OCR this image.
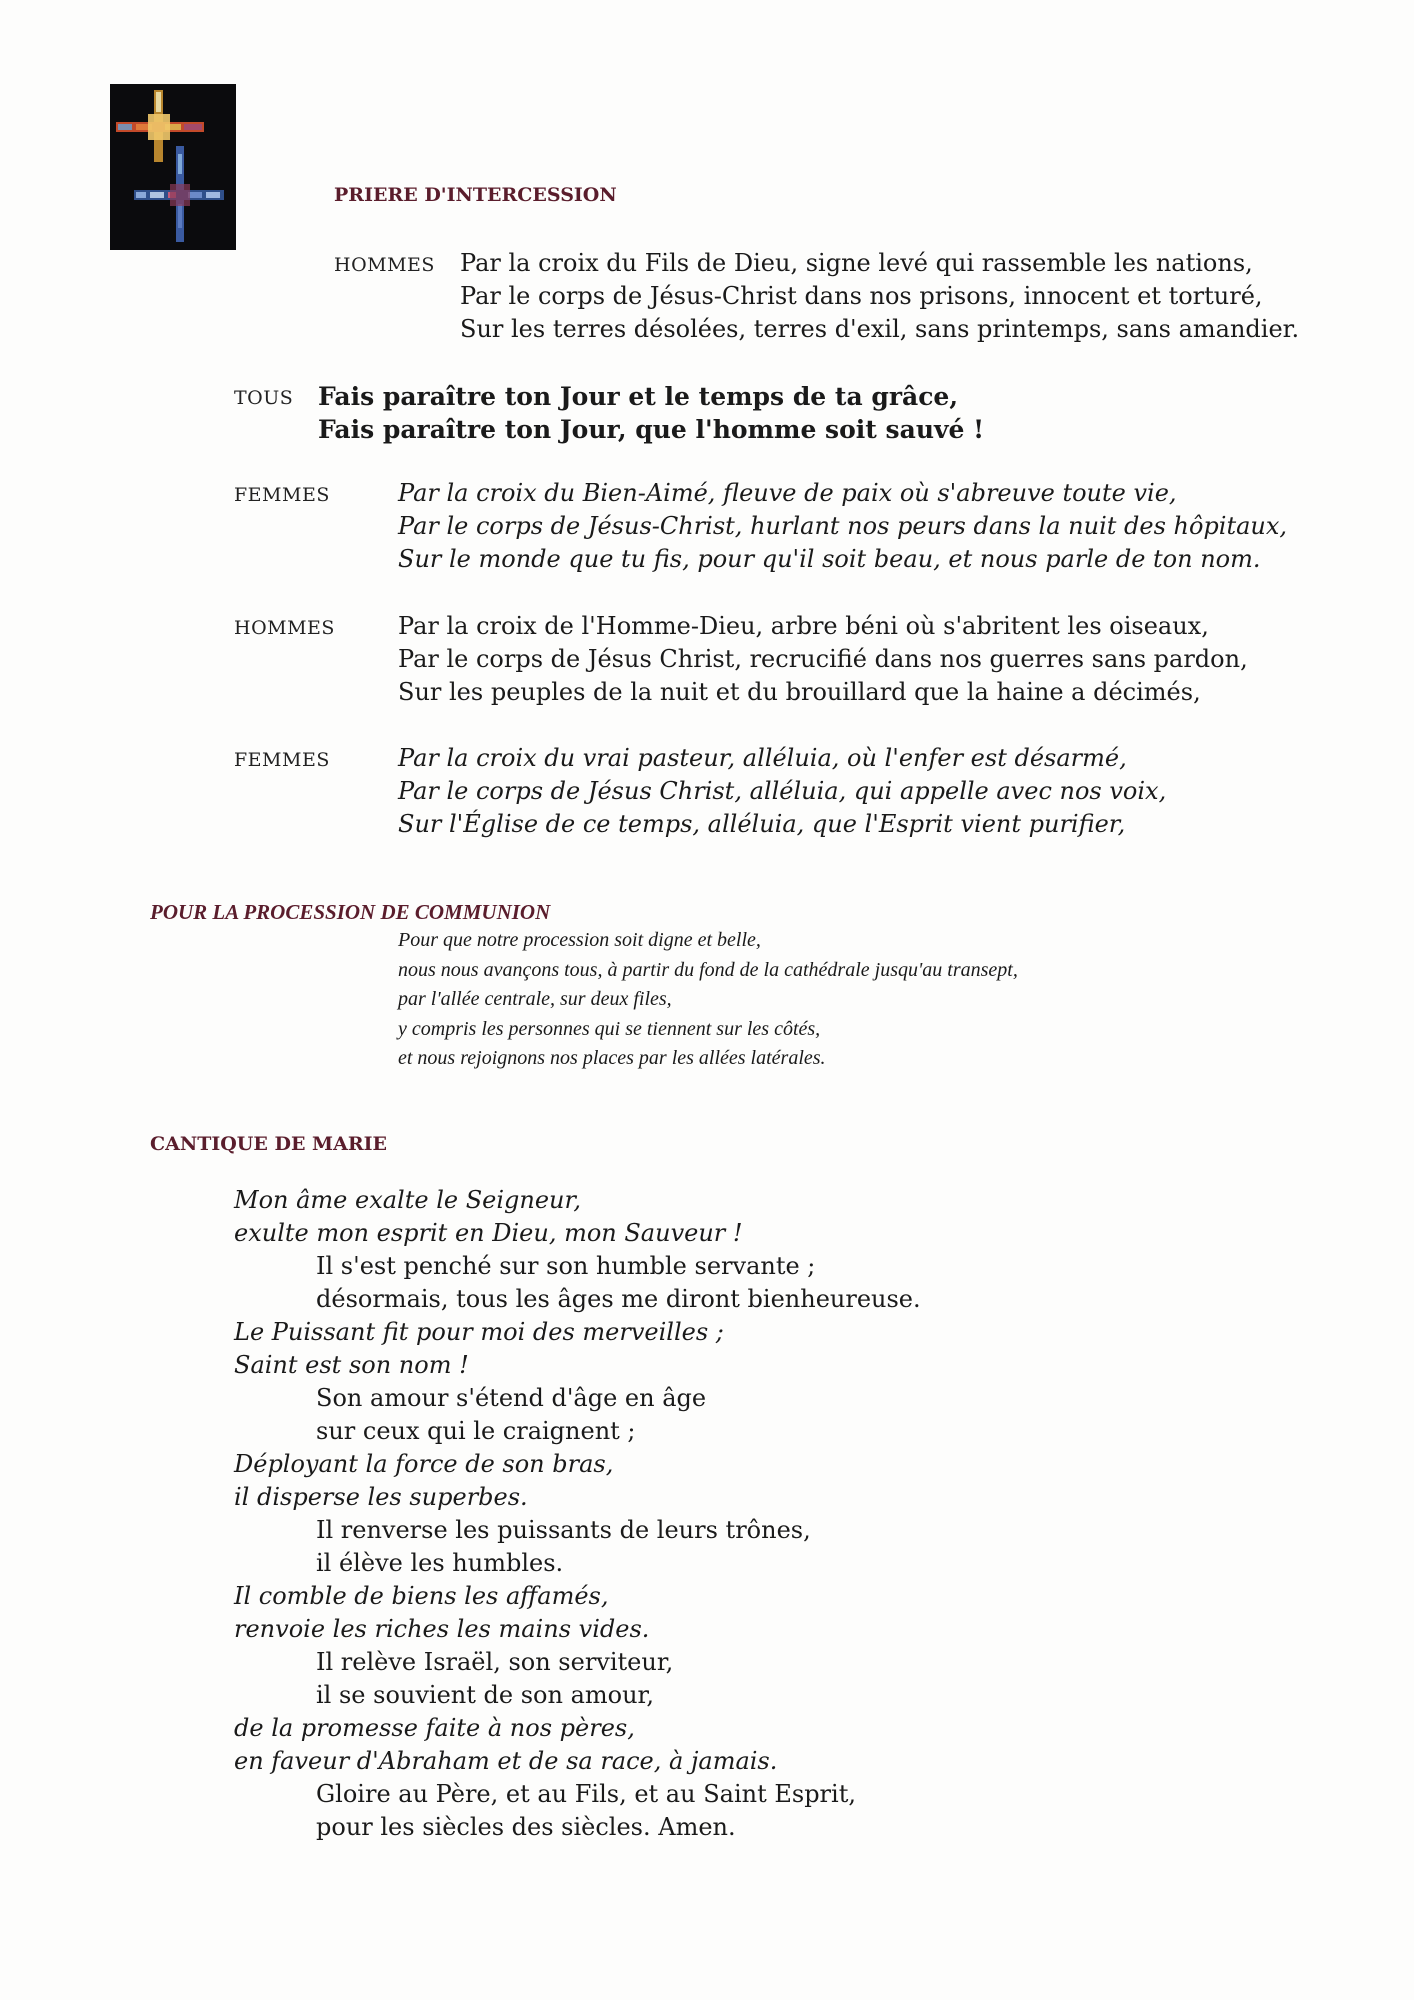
PRIERE D'INTERCESSION
HOMMES Par la croix du Fils de Dieu, signe levé qui rassemble les nations,
Par le corps de Jésus-Christ dans nos prisons, innocent et torturé,
Sur les terres désolées, terres d'exil, sans printemps, sans amandier.
TOUS Fais paraître ton Jour et le temps de ta grâce,
Fais paraître ton Jour, que l'homme soit sauvé !
FEMMES	Par la croix du Bien-Aimé, fleuve de paix où s'abreuve toute vie,
Par le corps de Jésus-Christ, hurlant nos peurs dans la nuit des hôpitaux,
Sur le monde que tu fis, pour qu'il soit beau, et nous parle de ton nom.
HOMMES	Par la croix de l'Homme-Dieu, arbre béni où s'abritent les oiseaux,
Par le corps de Jésus Christ, recrucifié dans nos guerres sans pardon,
Sur les peuples de la nuit et du brouillard que la haine a décimés,
FEMMES	Par la croix du vrai pasteur, alléluia, où l'enfer est désarmé,
Par le corps de Jésus Christ, alléluia, qui appelle avec nos voix,
Sur l'Église de ce temps, alléluia, que l'Esprit vient purifier,
POUR LA PROCESSION DE COMMUNION
Pour que notre procession soit digne et belle,
nous nous avançons tous, à partir du fond de la cathédrale jusqu'au transept,
par l'allée centrale, sur deux files,
y compris les personnes qui se tiennent sur les côtés,
et nous rejoignons nos places par les allées latérales.
CANTIQUE DE MARIE
Mon âme exalte le Seigneur,
exulte mon esprit en Dieu, mon Sauveur !
Il s'est penché sur son humble servante ;
désormais, tous les âges me diront bienheureuse.
Le Puissant fit pour moi des merveilles ;
Saint est son nom !
Son amour s'étend d'âge en âge
sur ceux qui le craignent ;
Déployant la force de son bras,
il disperse les superbes.
Il renverse les puissants de leurs trônes,
il élève les humbles.
Il comble de biens les affamés,
renvoie les riches les mains vides.
Il relève Israël, son serviteur,
il se souvient de son amour,
de la promesse faite à nos pères,
en faveur d'Abraham et de sa race, à jamais.
Gloire au Père, et au Fils, et au Saint Esprit,
pour les siècles des siècles. Amen.
